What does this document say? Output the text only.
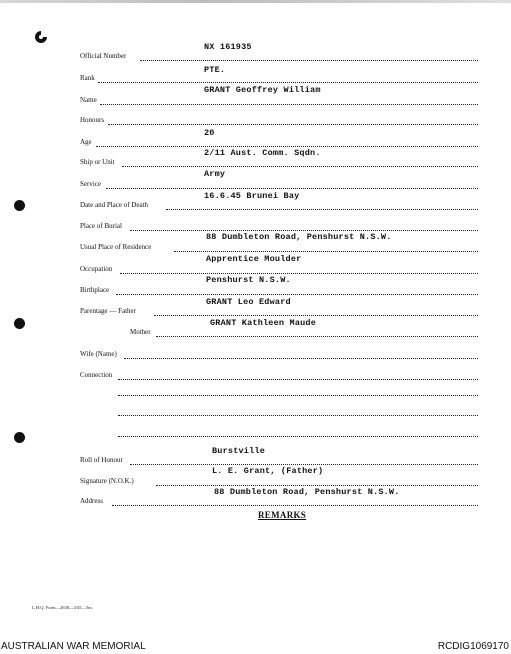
NX 161935
Official Number
PTE.
Rank
GRANT Geoffrey William
Name
Honours
20
Age
2/11 Aust. Comm. Sqdn.
Ship or Unit
Army
Service
16.6.45 Brunei Bay
Date and Place of Death
Place of Burial
88 Dumbleton Road, Penshurst N.S.W.
Usual Place of Residence
Apprentice Moulder
Occupation
Penshurst N.S.W.
Birthplace
GRANT Leo Edward
Parentage — Father
GRANT Kathleen Maude
Mother
Wife (Name)
Connection
Burstville
Roll of Honour
L. E. Grant, (Father)
Signature (N.O.K.)
88 Dumbleton Road, Penshurst N.S.W.
Address
REMARKS
L.H.Q. Form—2638—4/45—5m.
AUSTRALIAN WAR MEMORIAL	RCDIG1069170
